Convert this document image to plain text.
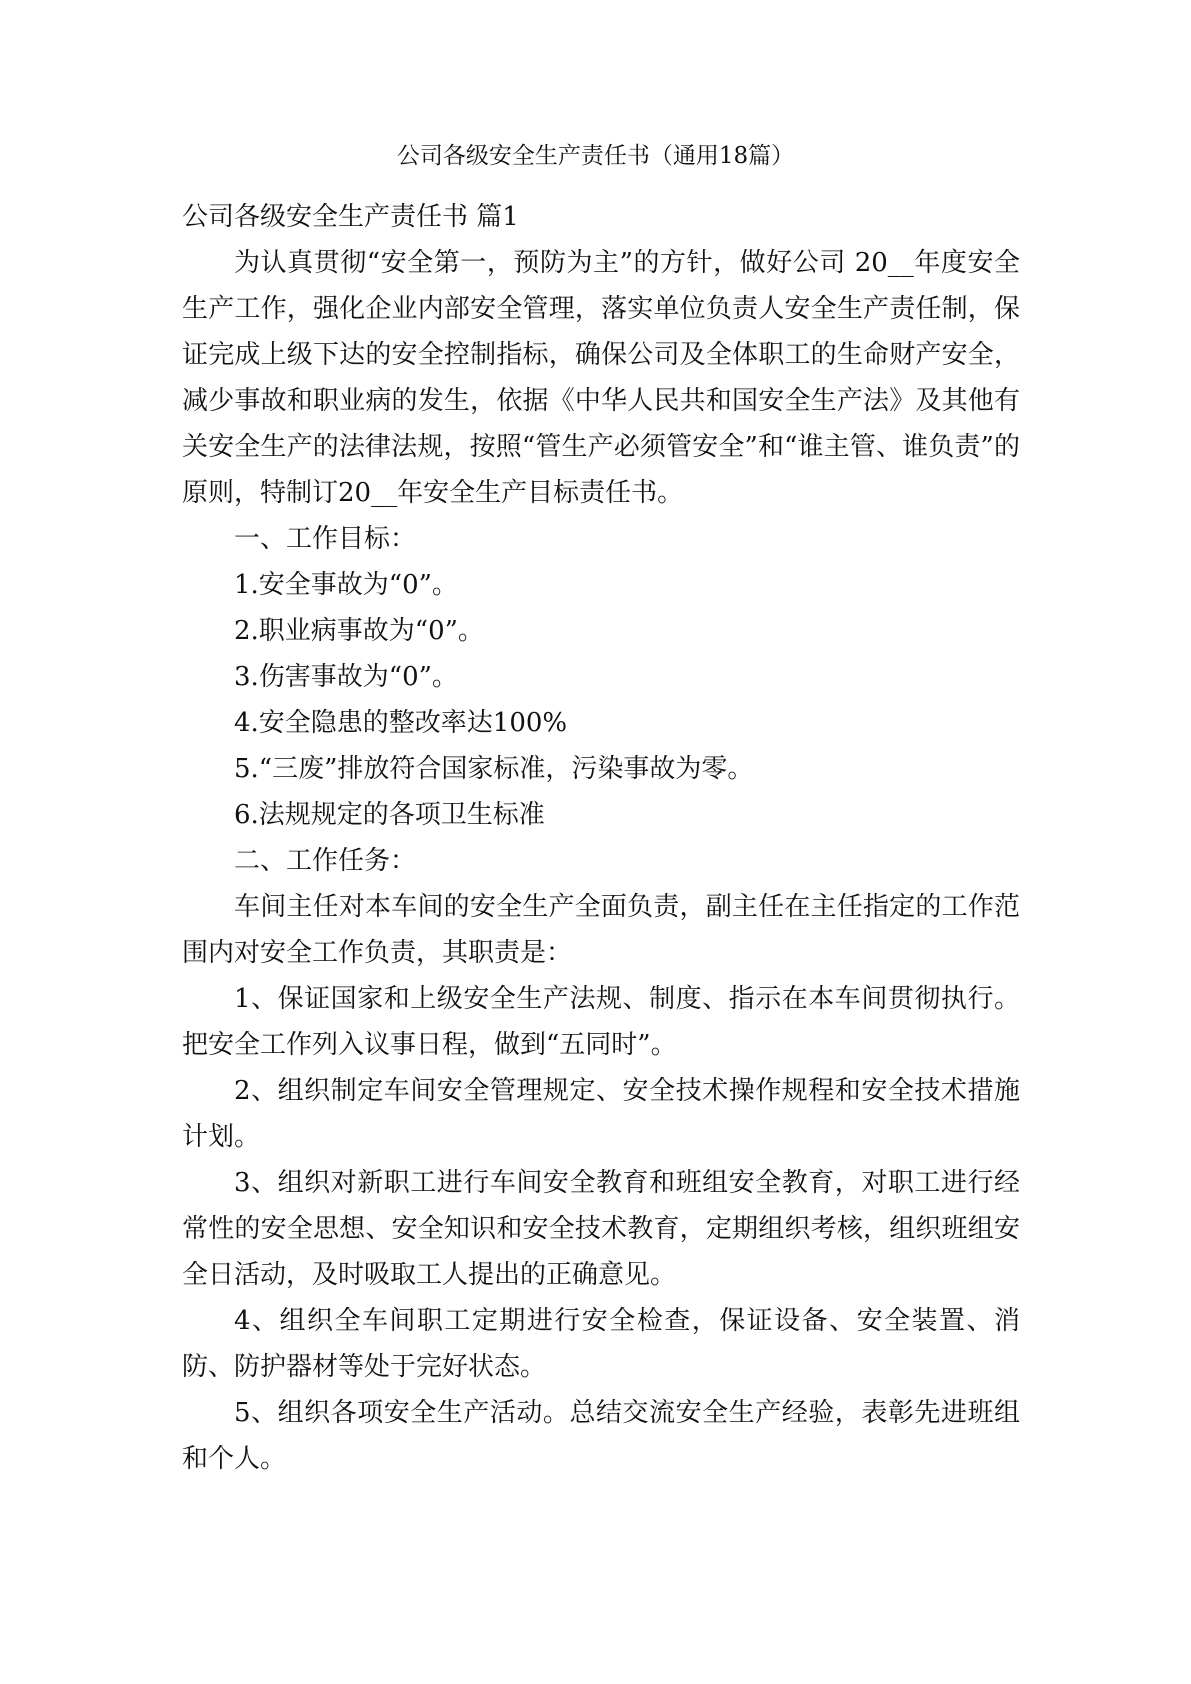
公司各级安全生产责任书（通用18篇）
公司各级安全生产责任书 篇1

为认真贯彻“安全第一，预防为主”的方针，做好公司 20__年度安全生产工作，强化企业内部安全管理，落实单位负责人安全生产责任制，保证完成上级下达的安全控制指标，确保公司及全体职工的生命财产安全，减少事故和职业病的发生，依据《中华人民共和国安全生产法》及其他有关安全生产的法律法规，按照“管生产必须管安全”和“谁主管、谁负责”的原则，特制订20__年安全生产目标责任书。

一、工作目标：

1.安全事故为“0”。

2.职业病事故为“0”。

3.伤害事故为“0”。

4.安全隐患的整改率达100%

5.“三废”排放符合国家标准，污染事故为零。

6.法规规定的各项卫生标准

二、工作任务：

车间主任对本车间的安全生产全面负责，副主任在主任指定的工作范围内对安全工作负责，其职责是：

1、保证国家和上级安全生产法规、制度、指示在本车间贯彻执行。把安全工作列入议事日程，做到“五同时”。

2、组织制定车间安全管理规定、安全技术操作规程和安全技术措施计划。

3、组织对新职工进行车间安全教育和班组安全教育，对职工进行经常性的安全思想、安全知识和安全技术教育，定期组织考核，组织班组安全日活动，及时吸取工人提出的正确意见。

4、组织全车间职工定期进行安全检查，保证设备、安全装置、消防、防护器材等处于完好状态。

5、组织各项安全生产活动。总结交流安全生产经验，表彰先进班组和个人。
